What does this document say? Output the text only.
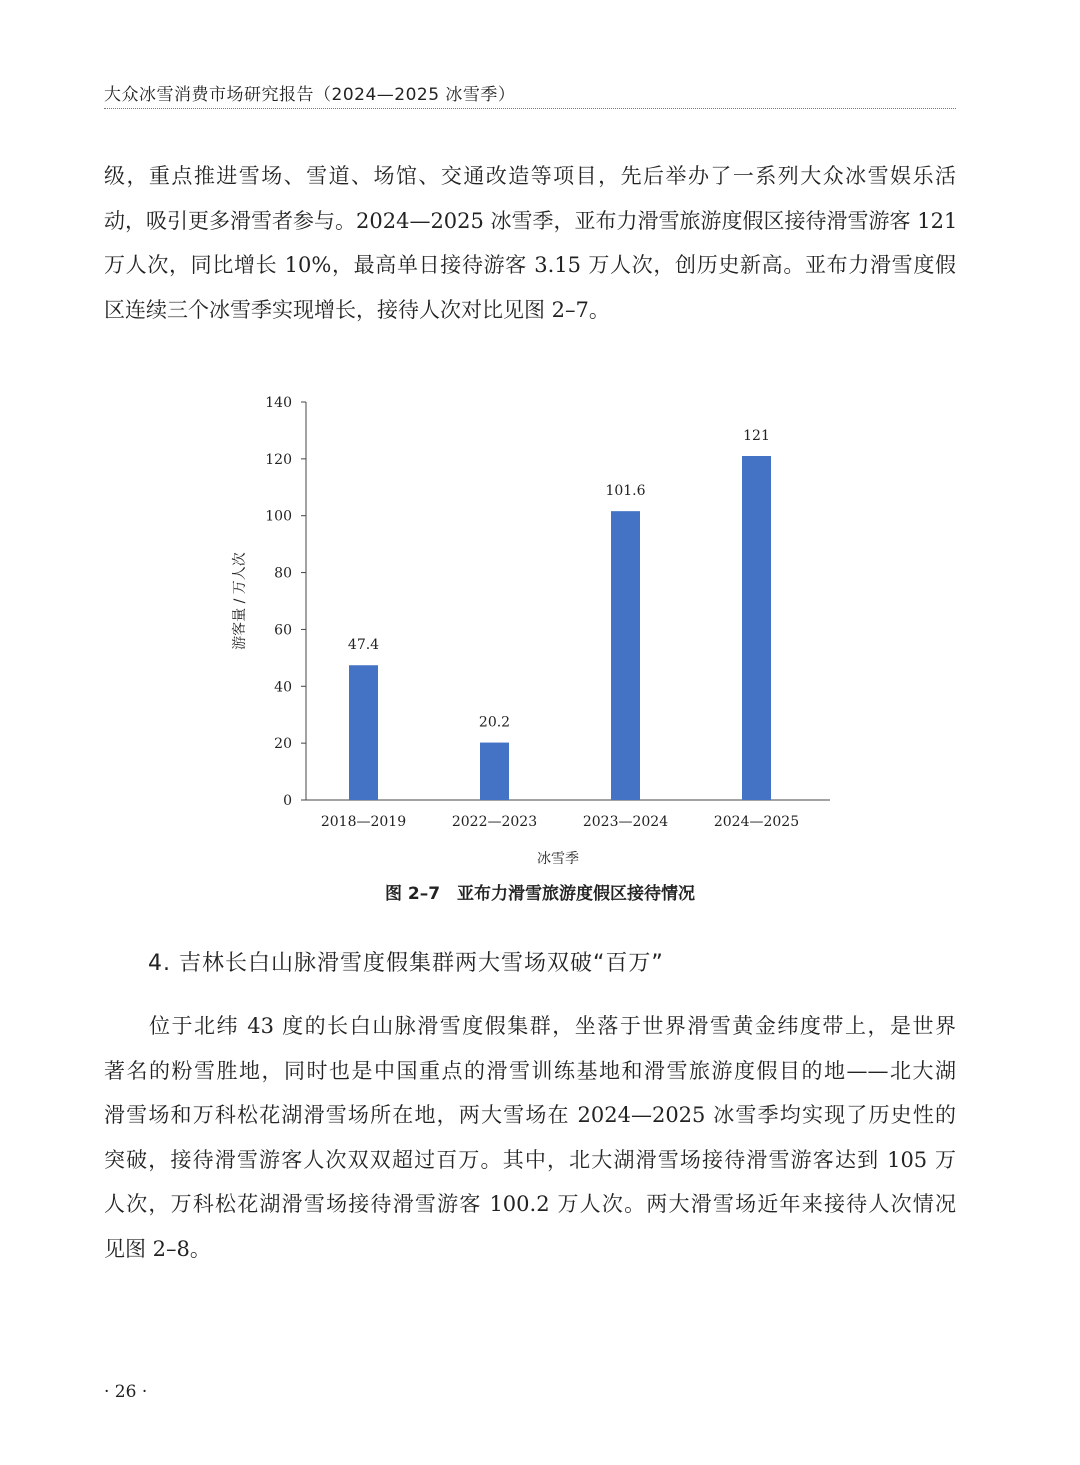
大众冰雪消费市场研究报告（2024—2025 冰雪季）
级，重点推进雪场、雪道、场馆、交通改造等项目，先后举办了一系列大众冰雪娱乐活
动，吸引更多滑雪者参与。2024—2025 冰雪季，亚布力滑雪旅游度假区接待滑雪游客 121
万人次，同比增长 10%，最高单日接待游客 3.15 万人次，创历史新高。亚布力滑雪度假
区连续三个冰雪季实现增长，接待人次对比见图 2–7。
0
20
40
60
80
100
120
140
47.4
2018—2019
20.2
2022—2023
101.6
2023—2024
121
2024—2025
冰雪季
游客量 / 万人次
图 2–7　亚布力滑雪旅游度假区接待情况
4. 吉林长白山脉滑雪度假集群两大雪场双破“百万”
　　位于北纬 43 度的长白山脉滑雪度假集群，坐落于世界滑雪黄金纬度带上，是世界
著名的粉雪胜地，同时也是中国重点的滑雪训练基地和滑雪旅游度假目的地——北大湖
滑雪场和万科松花湖滑雪场所在地，两大雪场在 2024—2025 冰雪季均实现了历史性的
突破，接待滑雪游客人次双双超过百万。其中，北大湖滑雪场接待滑雪游客达到 105 万
人次，万科松花湖滑雪场接待滑雪游客 100.2 万人次。两大滑雪场近年来接待人次情况
见图 2–8。
· 26 ·
